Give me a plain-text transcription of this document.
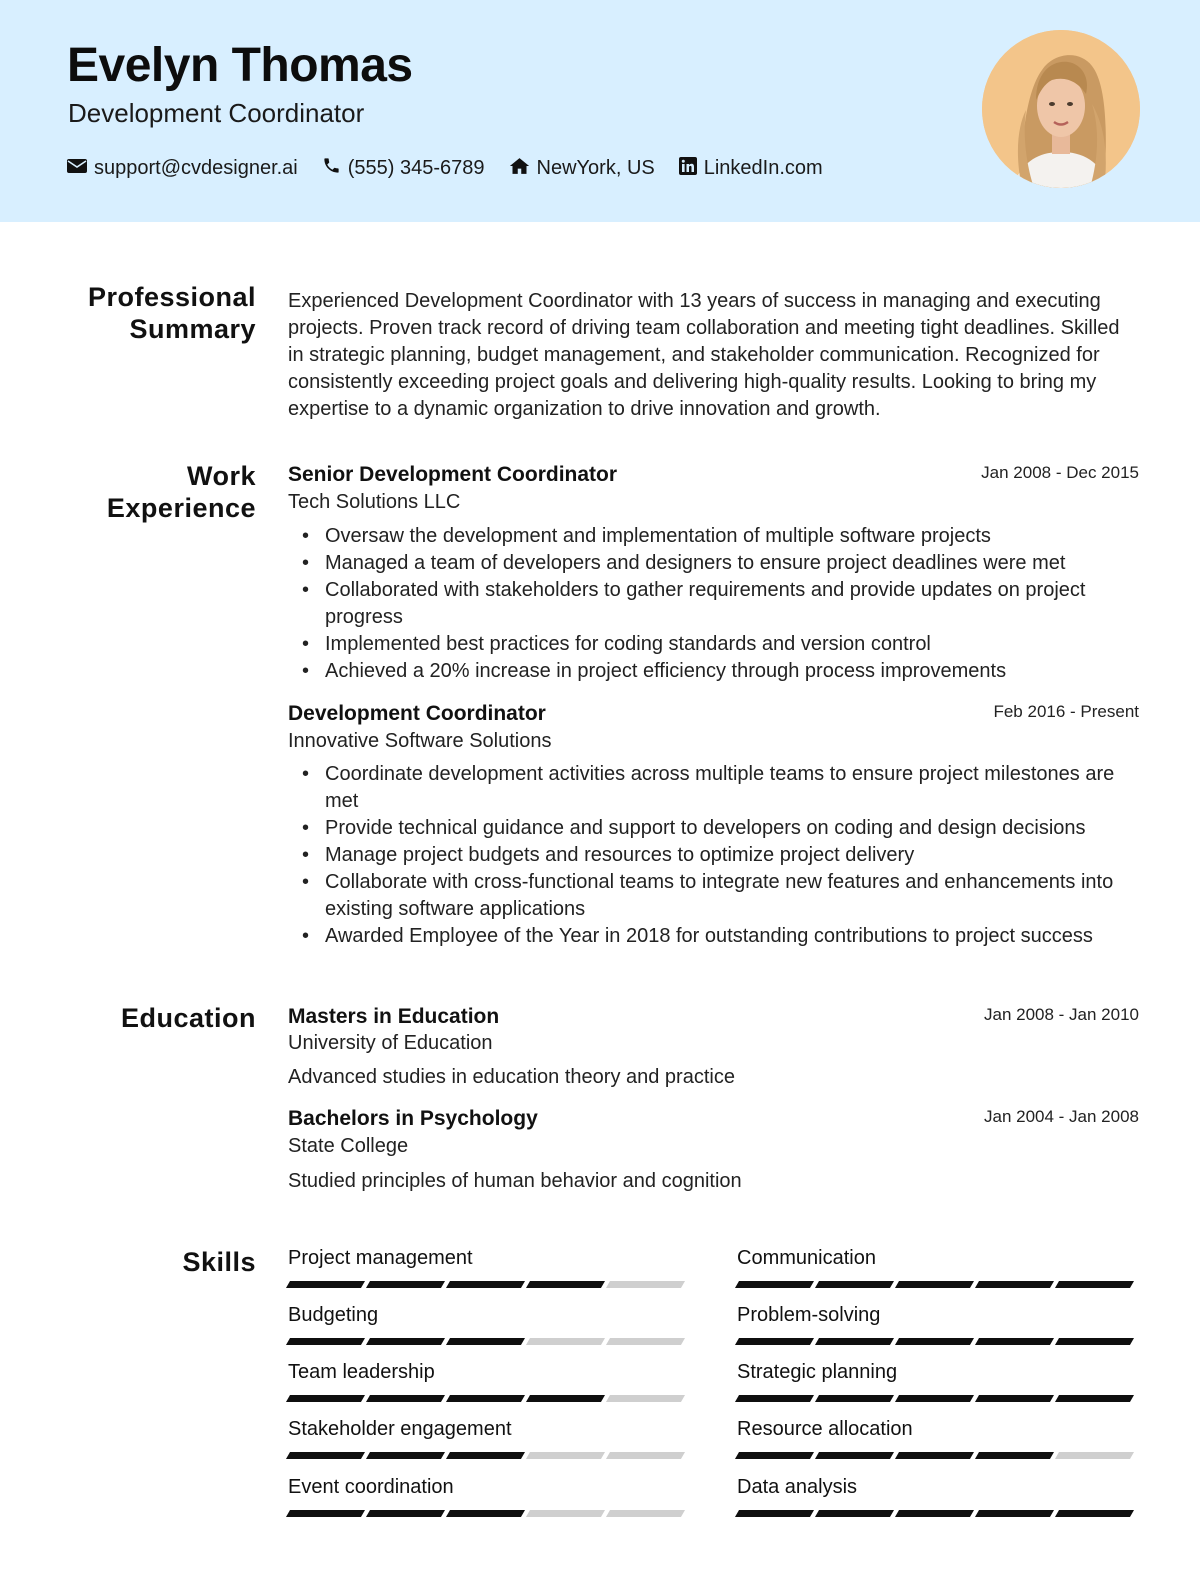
Evelyn Thomas
Development Coordinator
support@cvdesigner.ai	(555) 345-6789	NewYork, US LinkedIn.com
Professional
Summary
Experienced Development Coordinator with 13 years of success in managing and executing projects. Proven track record of driving team collaboration and meeting tight deadlines. Skilled in strategic planning, budget management, and stakeholder communication. Recognized for consistently exceeding project goals and delivering high-quality results. Looking to bring my expertise to a dynamic organization to drive innovation and growth.
Work
Experience
Senior Development Coordinator	Jan 2008 - Dec 2015
Tech Solutions LLC
• Oversaw the development and implementation of multiple software projects
• Managed a team of developers and designers to ensure project deadlines were met
• Collaborated with stakeholders to gather requirements and provide updates on project progress
• Implemented best practices for coding standards and version control
• Achieved a 20% increase in project efficiency through process improvements
Development Coordinator	Feb 2016 - Present
Innovative Software Solutions
• Coordinate development activities across multiple teams to ensure project milestones are met
• Provide technical guidance and support to developers on coding and design decisions
• Manage project budgets and resources to optimize project delivery
• Collaborate with cross-functional teams to integrate new features and enhancements into existing software applications
• Awarded Employee of the Year in 2018 for outstanding contributions to project success
Education Masters in Education	Jan 2008 - Jan 2010
University of Education
Advanced studies in education theory and practice
Bachelors in Psychology	Jan 2004 - Jan 2008
State College
Studied principles of human behavior and cognition
Skills Project management	Communication
Budgeting	Problem-solving
Team leadership	Strategic planning
Stakeholder engagement	Resource allocation
Event coordination	Data analysis
